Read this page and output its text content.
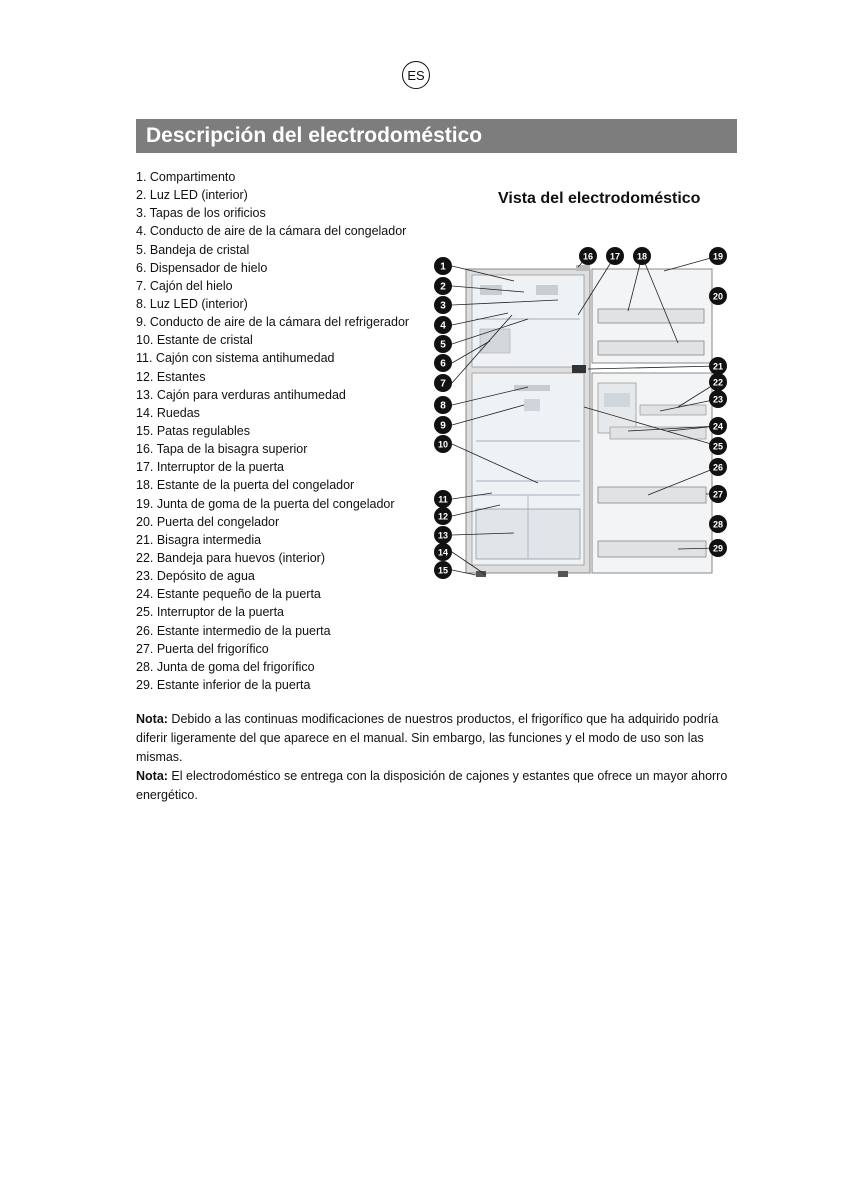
ES
Descripción del electrodoméstico
1. Compartimento
2. Luz LED (interior)
3. Tapas de los orificios
4. Conducto de aire de la cámara del congelador
5. Bandeja de cristal
6. Dispensador de hielo
7. Cajón del hielo
8. Luz LED (interior)
9. Conducto de aire de la cámara del refrigerador
10. Estante de cristal
11. Cajón con sistema antihumedad
12. Estantes
13. Cajón para verduras antihumedad
14. Ruedas
15. Patas regulables
16. Tapa de la bisagra superior
17. Interruptor de la puerta
18. Estante de la puerta del congelador
19. Junta de goma de la puerta del congelador
20. Puerta del congelador
21. Bisagra intermedia
22. Bandeja para huevos (interior)
23. Depósito de agua
24. Estante pequeño de la puerta
25. Interruptor de la puerta
26. Estante intermedio de la puerta
27. Puerta del frigorífico
28. Junta de goma del frigorífico
29. Estante inferior de la puerta
Vista del electrodoméstico
1
2
3
4
5
6
7
8
9
10
11
12
13
14
15
16 17 18	19
20
21
22
23
24
25
26
27
28
29

Nota: Debido a las continuas modificaciones de nuestros productos, el frigorífico que ha adquirido podría diferir ligeramente del que aparece en el manual. Sin embargo, las funciones y el modo de uso son las mismas.

Nota: El electrodoméstico se entrega con la disposición de cajones y estantes que ofrece un mayor ahorro energético.
